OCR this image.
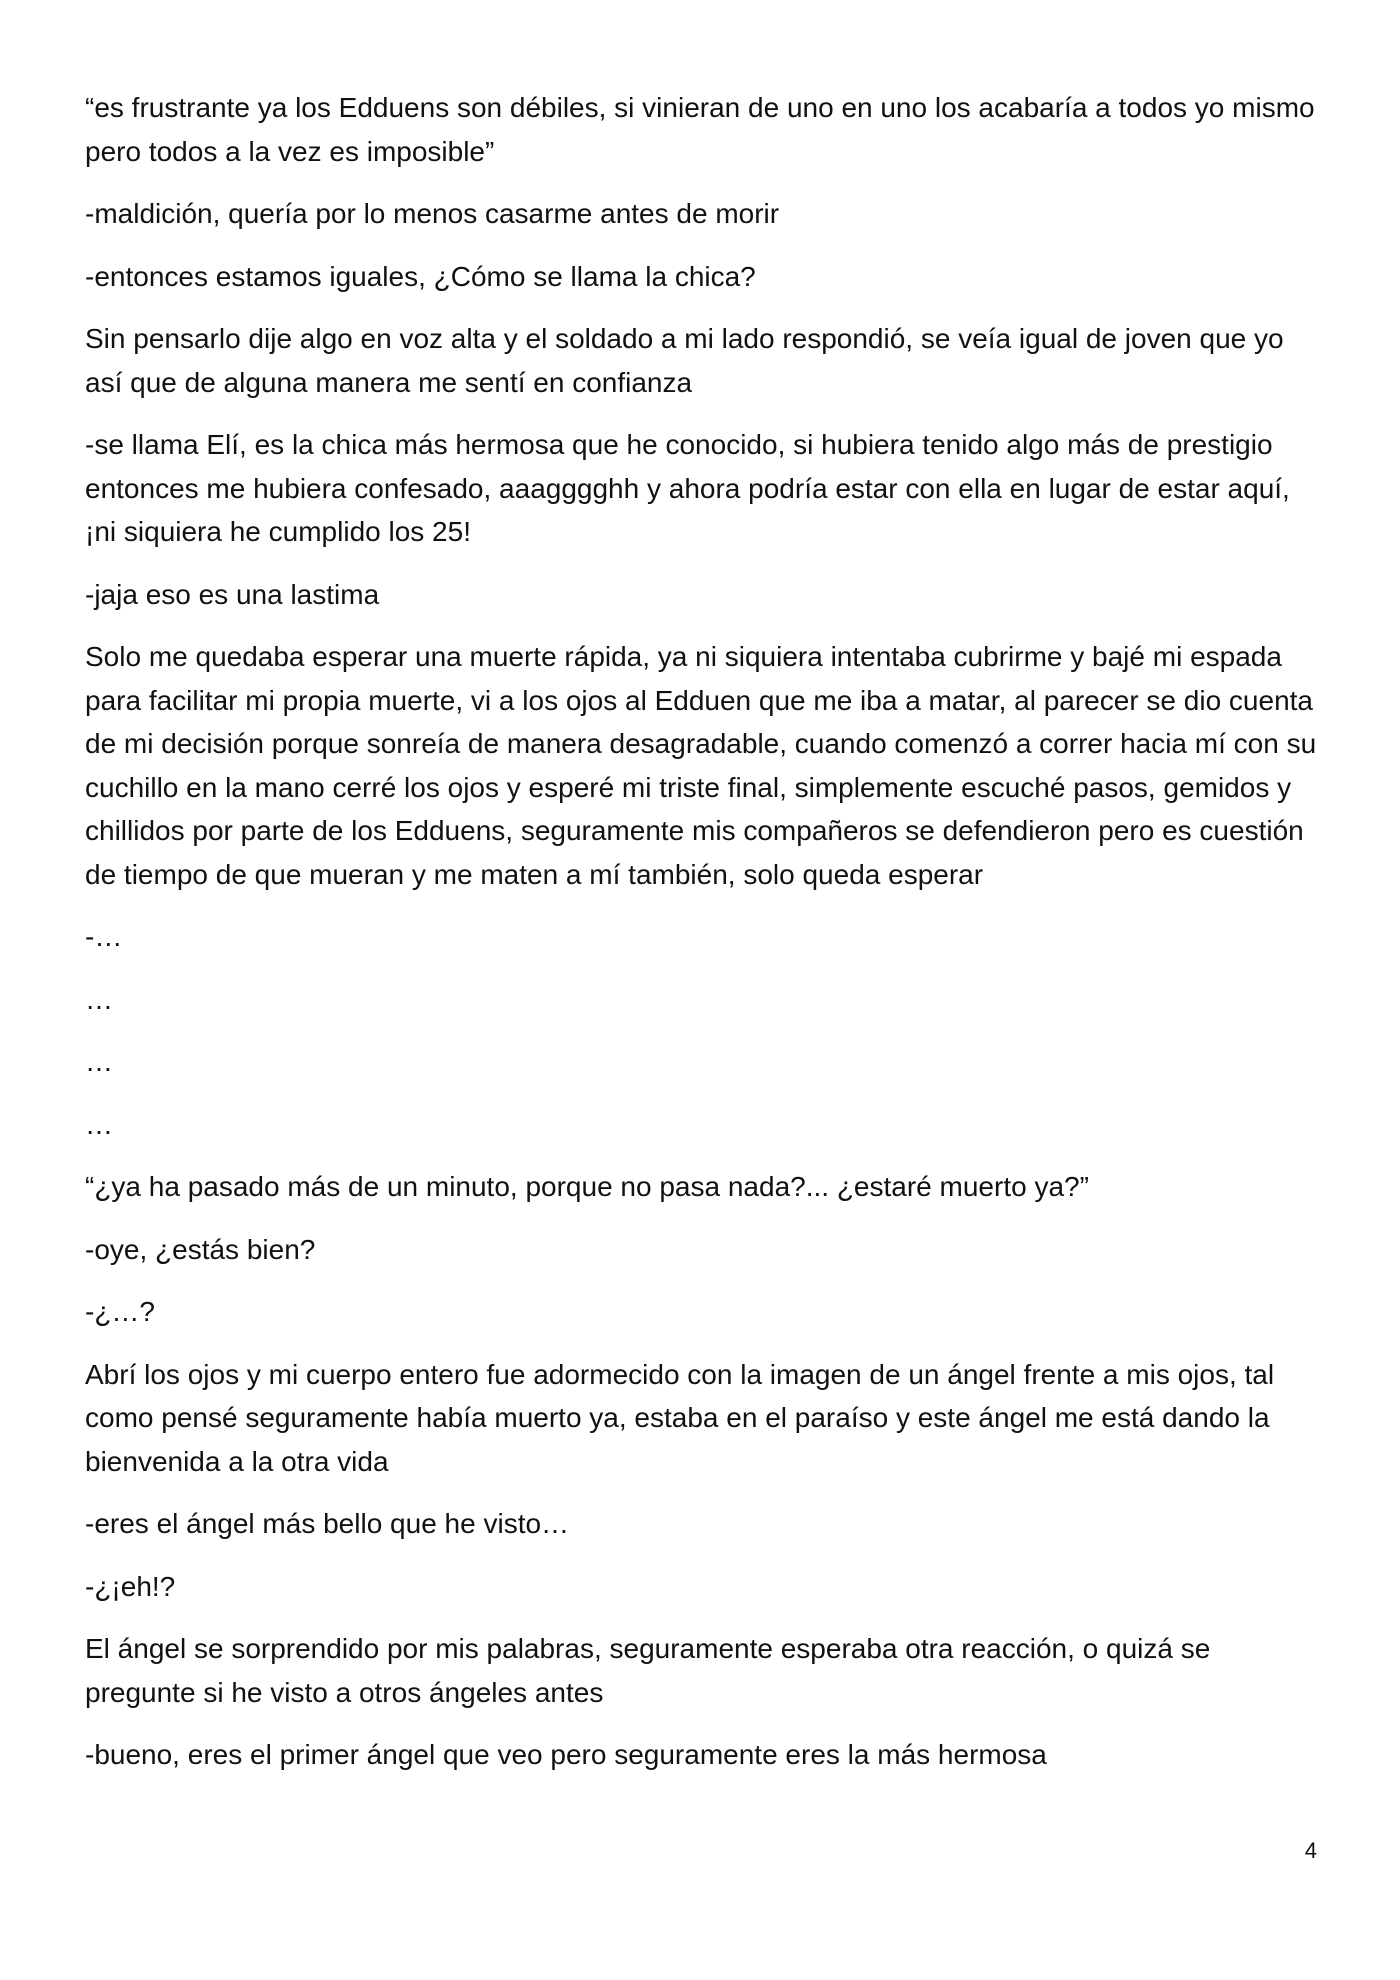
“es frustrante ya los Edduens son débiles, si vinieran de uno en uno los acabaría a todos yo mismo pero todos a la vez es imposible”

-maldición, quería por lo menos casarme antes de morir

-entonces estamos iguales, ¿Cómo se llama la chica?

Sin pensarlo dije algo en voz alta y el soldado a mi lado respondió, se veía igual de joven que yo así que de alguna manera me sentí en confianza

-se llama Elí, es la chica más hermosa que he conocido, si hubiera tenido algo más de prestigio entonces me hubiera confesado, aaagggghh y ahora podría estar con ella en lugar de estar aquí, ¡ni siquiera he cumplido los 25!

-jaja eso es una lastima

Solo me quedaba esperar una muerte rápida, ya ni siquiera intentaba cubrirme y bajé mi espada para facilitar mi propia muerte, vi a los ojos al Edduen que me iba a matar, al parecer se dio cuenta de mi decisión porque sonreía de manera desagradable, cuando comenzó a correr hacia mí con su cuchillo en la mano cerré los ojos y esperé mi triste final, simplemente escuché pasos, gemidos y chillidos por parte de los Edduens, seguramente mis compañeros se defendieron pero es cuestión de tiempo de que mueran y me maten a mí también, solo queda esperar

-…

…

…

…

“¿ya ha pasado más de un minuto, porque no pasa nada?... ¿estaré muerto ya?”

-oye, ¿estás bien?

-¿…?

Abrí los ojos y mi cuerpo entero fue adormecido con la imagen de un ángel frente a mis ojos, tal como pensé seguramente había muerto ya, estaba en el paraíso y este ángel me está dando la bienvenida a la otra vida

-eres el ángel más bello que he visto…

-¿¡eh!?

El ángel se sorprendido por mis palabras, seguramente esperaba otra reacción, o quizá se pregunte si he visto a otros ángeles antes

-bueno, eres el primer ángel que veo pero seguramente eres la más hermosa

4
